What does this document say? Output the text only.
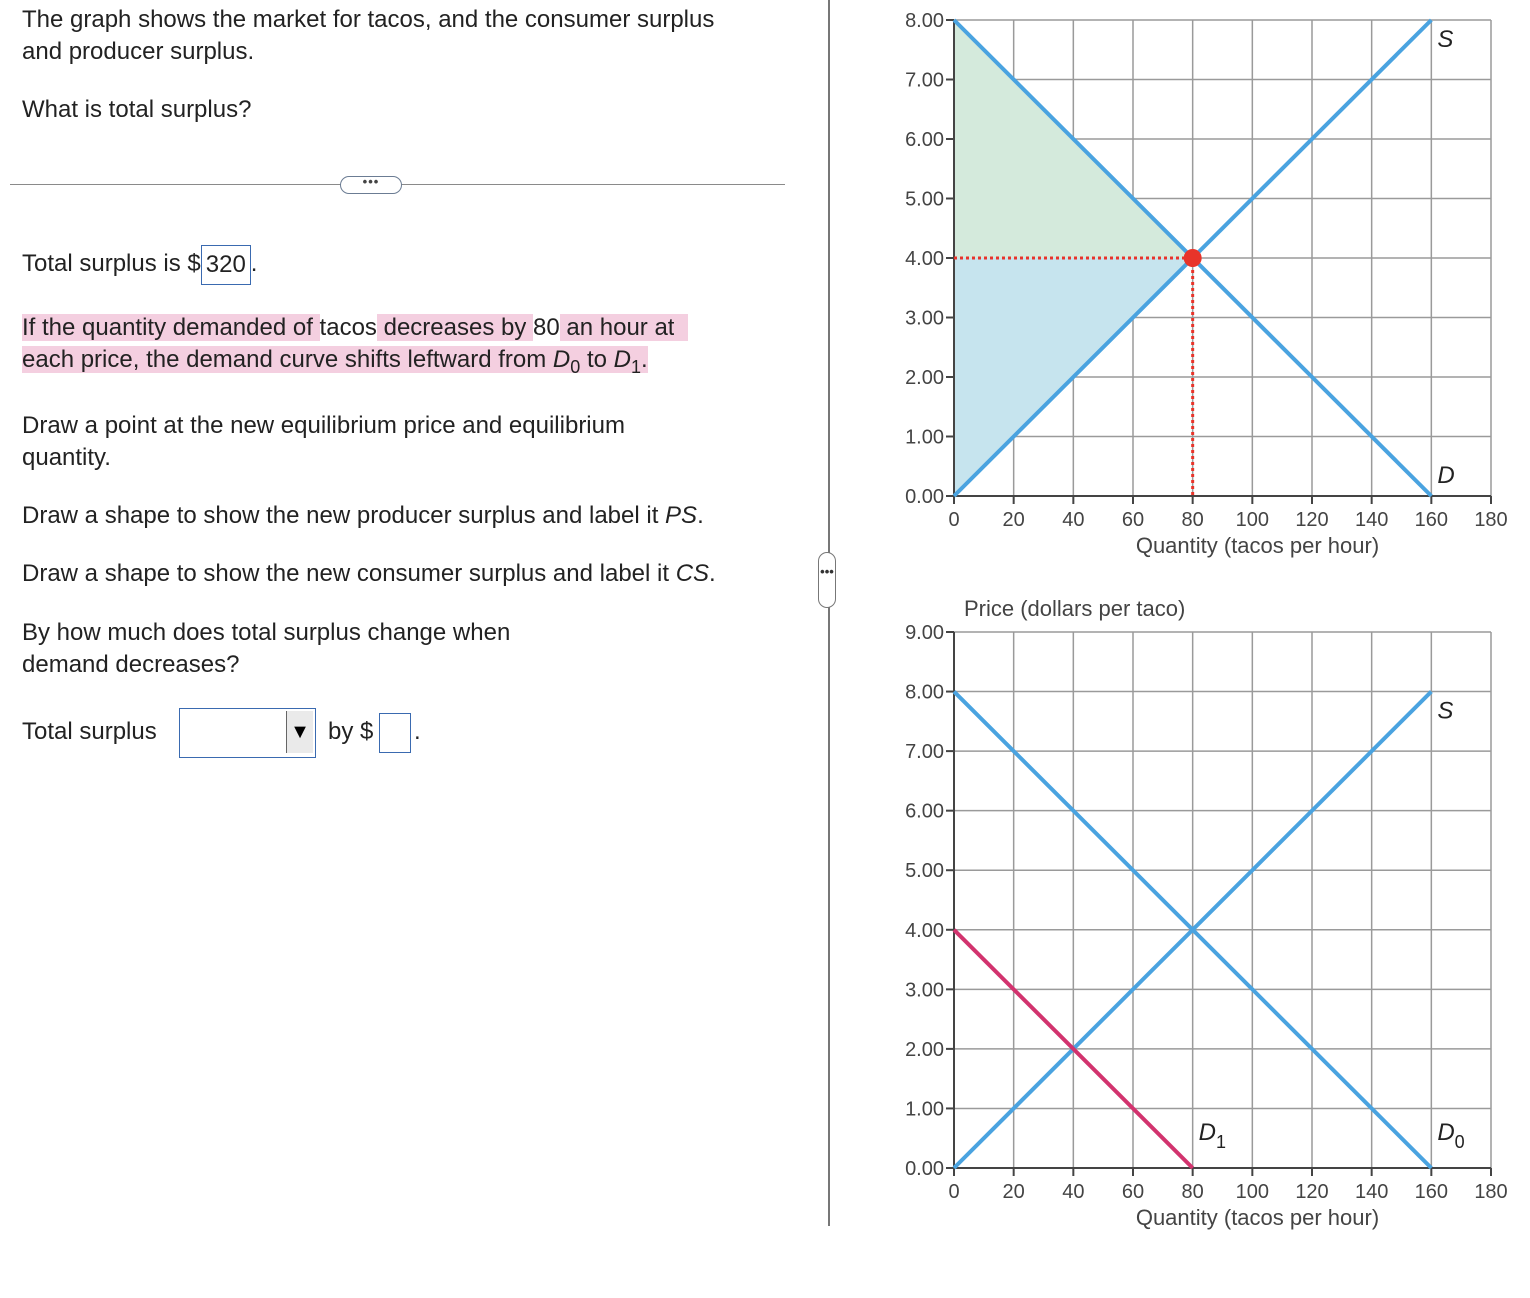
The graph shows the market for tacos, and the consumer surplus
and producer surplus.

What is total surplus?

•••

Total surplus is $ 320 .

If the quantity demanded of tacos decreases by 80 an hour at
each price, the demand curve shifts leftward from $D_0$ to $D_1$.

Draw a point at the new equilibrium price and equilibrium
quantity.

Draw a shape to show the new producer surplus and label it PS.

Draw a shape to show the new consumer surplus and label it CS.

By how much does total surplus change when
demand decreases?

Total surplus	▼ by $ .

•••
0.00
1.00
2.00
3.00
4.00
5.00
6.00
7.00
8.00
0 20 40 60 80 100 120 140 160 180
S
D
Quantity (tacos per hour)
Price (dollars per taco)
0.00
1.00
2.00
3.00
4.00
5.00
6.00
7.00
8.00
9.00
0 20 40 60 80 100 120 140 160 180
S
$D_1$	$D_0$
Quantity (tacos per hour)
